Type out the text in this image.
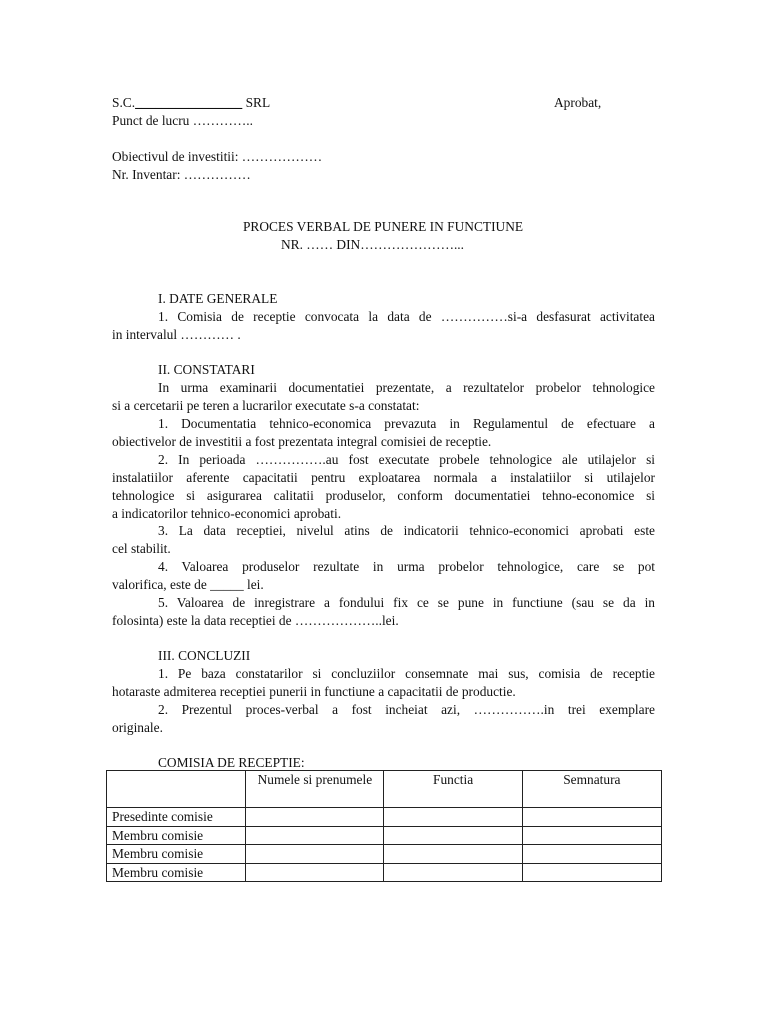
S.C.________________ SRL	Aprobat,
Punct de lucru …………..
Obiectivul de investitii: ………………
Nr. Inventar: ……………
PROCES VERBAL DE PUNERE IN FUNCTIUNE
NR. …… DIN…………………...
I. DATE GENERALE
1. Comisia de receptie convocata la data de ……………si-a desfasurat activitatea
in intervalul ………… .
II. CONSTATARI
In urma examinarii documentatiei prezentate, a rezultatelor probelor tehnologice
si a cercetarii pe teren a lucrarilor executate s-a constatat:
1. Documentatia tehnico-economica prevazuta in Regulamentul de efectuare a
obiectivelor de investitii a fost prezentata integral comisiei de receptie.
2. In perioada …………….au fost executate probele tehnologice ale utilajelor si
instalatiilor aferente capacitatii pentru exploatarea normala a instalatiilor si utilajelor
tehnologice si asigurarea calitatii produselor, conform documentatiei tehno-economice si
a indicatorilor tehnico-economici aprobati.
3. La data receptiei, nivelul atins de indicatorii tehnico-economici aprobati este
cel stabilit.
4. Valoarea produselor rezultate in urma probelor tehnologice, care se pot
valorifica, este de _____ lei.
5. Valoarea de inregistrare a fondului fix ce se pune in functiune (sau se da in
folosinta) este la data receptiei de ………………..lei.
III. CONCLUZII
1. Pe baza constatarilor si concluziilor consemnate mai sus, comisia de receptie
hotaraste admiterea receptiei punerii in functiune a capacitatii de productie.
2. Prezentul proces-verbal a fost incheiat azi, …………….in trei exemplare
originale.
COMISIA DE RECEPTIE:
	Numele si prenumele	Functia	Semnatura
Presedinte comisie			
Membru comisie			
Membru comisie			
Membru comisie			
